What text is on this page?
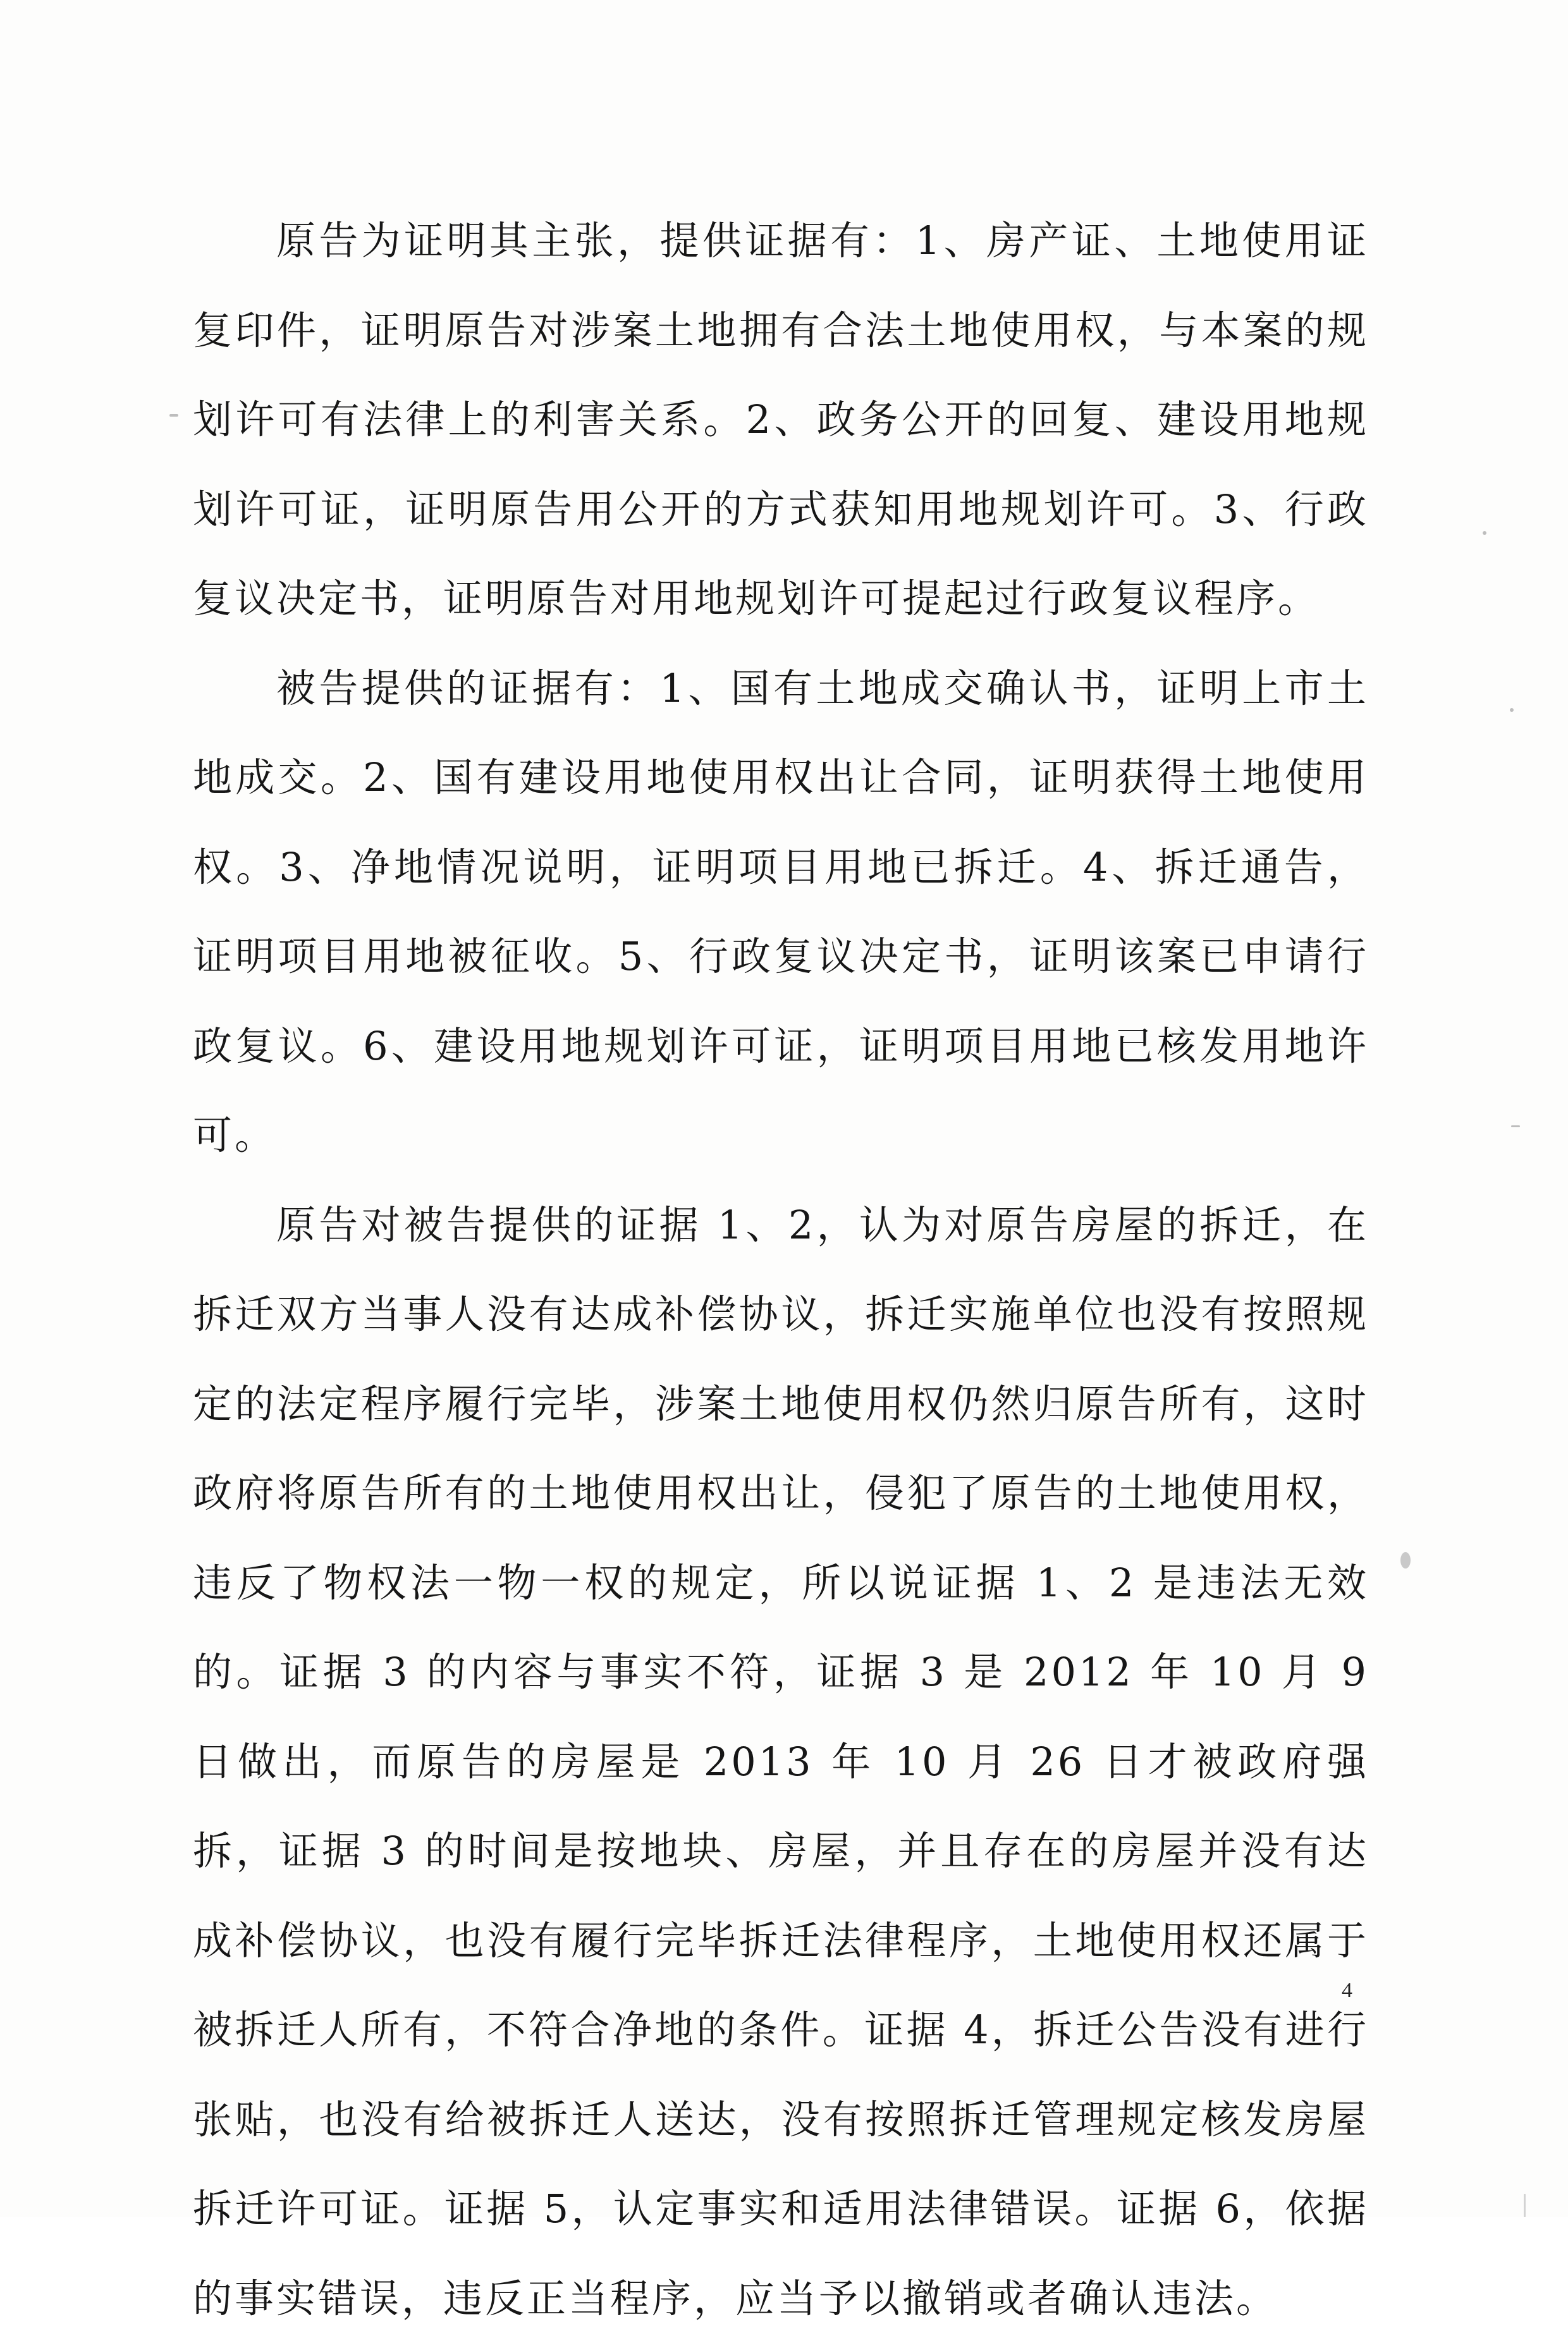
原告为证明其主张，提供证据有：1、房产证、土地使用证复印件，证明原告对涉案土地拥有合法土地使用权，与本案的规划许可有法律上的利害关系。2、政务公开的回复、建设用地规划许可证，证明原告用公开的方式获知用地规划许可。3、行政复议决定书，证明原告对用地规划许可提起过行政复议程序。

被告提供的证据有：1、国有土地成交确认书，证明上市土地成交。2、国有建设用地使用权出让合同，证明获得土地使用权。3、净地情况说明，证明项目用地已拆迁。4、拆迁通告，证明项目用地被征收。5、行政复议决定书，证明该案已申请行政复议。6、建设用地规划许可证，证明项目用地已核发用地许可。

原告对被告提供的证据 1、2，认为对原告房屋的拆迁，在拆迁双方当事人没有达成补偿协议，拆迁实施单位也没有按照规定的法定程序履行完毕，涉案土地使用权仍然归原告所有，这时政府将原告所有的土地使用权出让，侵犯了原告的土地使用权，违反了物权法一物一权的规定，所以说证据 1、2 是违法无效的。证据 3 的内容与事实不符，证据 3 是 2012 年 10 月 9 日做出，而原告的房屋是 2013 年 10 月 26 日才被政府强拆，证据 3 的时间是按地块、房屋，并且存在的房屋并没有达成补偿协议，也没有履行完毕拆迁法律程序，土地使用权还属于被拆迁人所有，不符合净地的条件。证据 4，拆迁公告没有进行张贴，也没有给被拆迁人送达，没有按照拆迁管理规定核发房屋拆迁许可证。证据 5，认定事实和适用法律错误。证据 6，依据的事实错误，违反正当程序，应当予以撤销或者确认违法。

4
